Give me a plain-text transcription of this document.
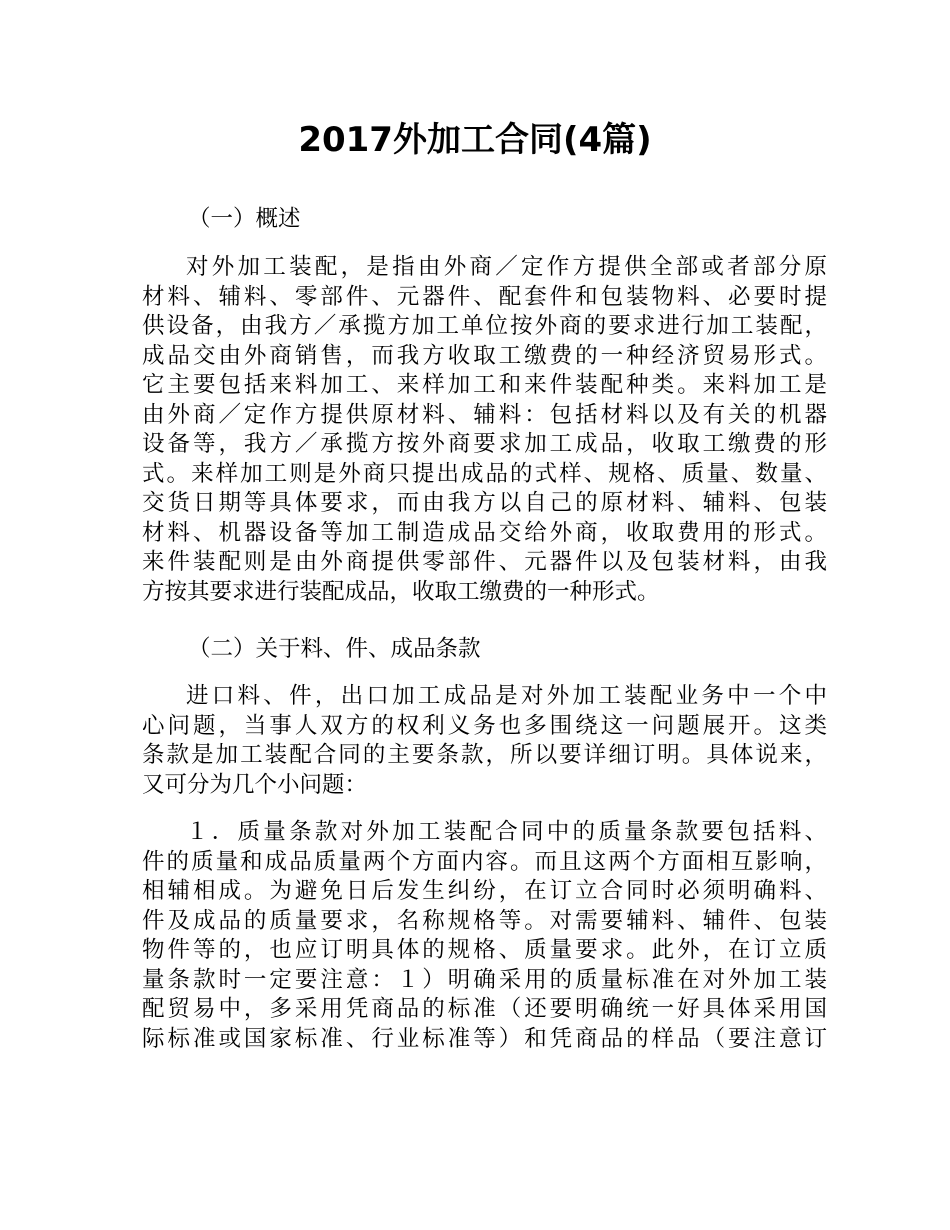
2017外加工合同(4篇)

（一）概述

对外加工装配，是指由外商／定作方提供全部或者部分原
材料、辅料、零部件、元器件、配套件和包装物料、必要时提
供设备，由我方／承揽方加工单位按外商的要求进行加工装配，
成品交由外商销售，而我方收取工缴费的一种经济贸易形式。
它主要包括来料加工、来样加工和来件装配种类。来料加工是
由外商／定作方提供原材料、辅料：包括材料以及有关的机器
设备等，我方／承揽方按外商要求加工成品，收取工缴费的形
式。来样加工则是外商只提出成品的式样、规格、质量、数量、
交货日期等具体要求，而由我方以自己的原材料、辅料、包装
材料、机器设备等加工制造成品交给外商，收取费用的形式。
来件装配则是由外商提供零部件、元器件以及包装材料，由我
方按其要求进行装配成品，收取工缴费的一种形式。

（二）关于料、件、成品条款

进口料、件，出口加工成品是对外加工装配业务中一个中
心问题，当事人双方的权利义务也多围绕这一问题展开。这类
条款是加工装配合同的主要条款，所以要详细订明。具体说来，
又可分为几个小问题：
１．质量条款对外加工装配合同中的质量条款要包括料、
件的质量和成品质量两个方面内容。而且这两个方面相互影响，
相辅相成。为避免日后发生纠纷，在订立合同时必须明确料、
件及成品的质量要求，名称规格等。对需要辅料、辅件、包装
物件等的，也应订明具体的规格、质量要求。此外，在订立质
量条款时一定要注意：１）明确采用的质量标准在对外加工装
配贸易中，多采用凭商品的标准（还要明确统一好具体采用国
际标准或国家标准、行业标准等）和凭商品的样品（要注意订
